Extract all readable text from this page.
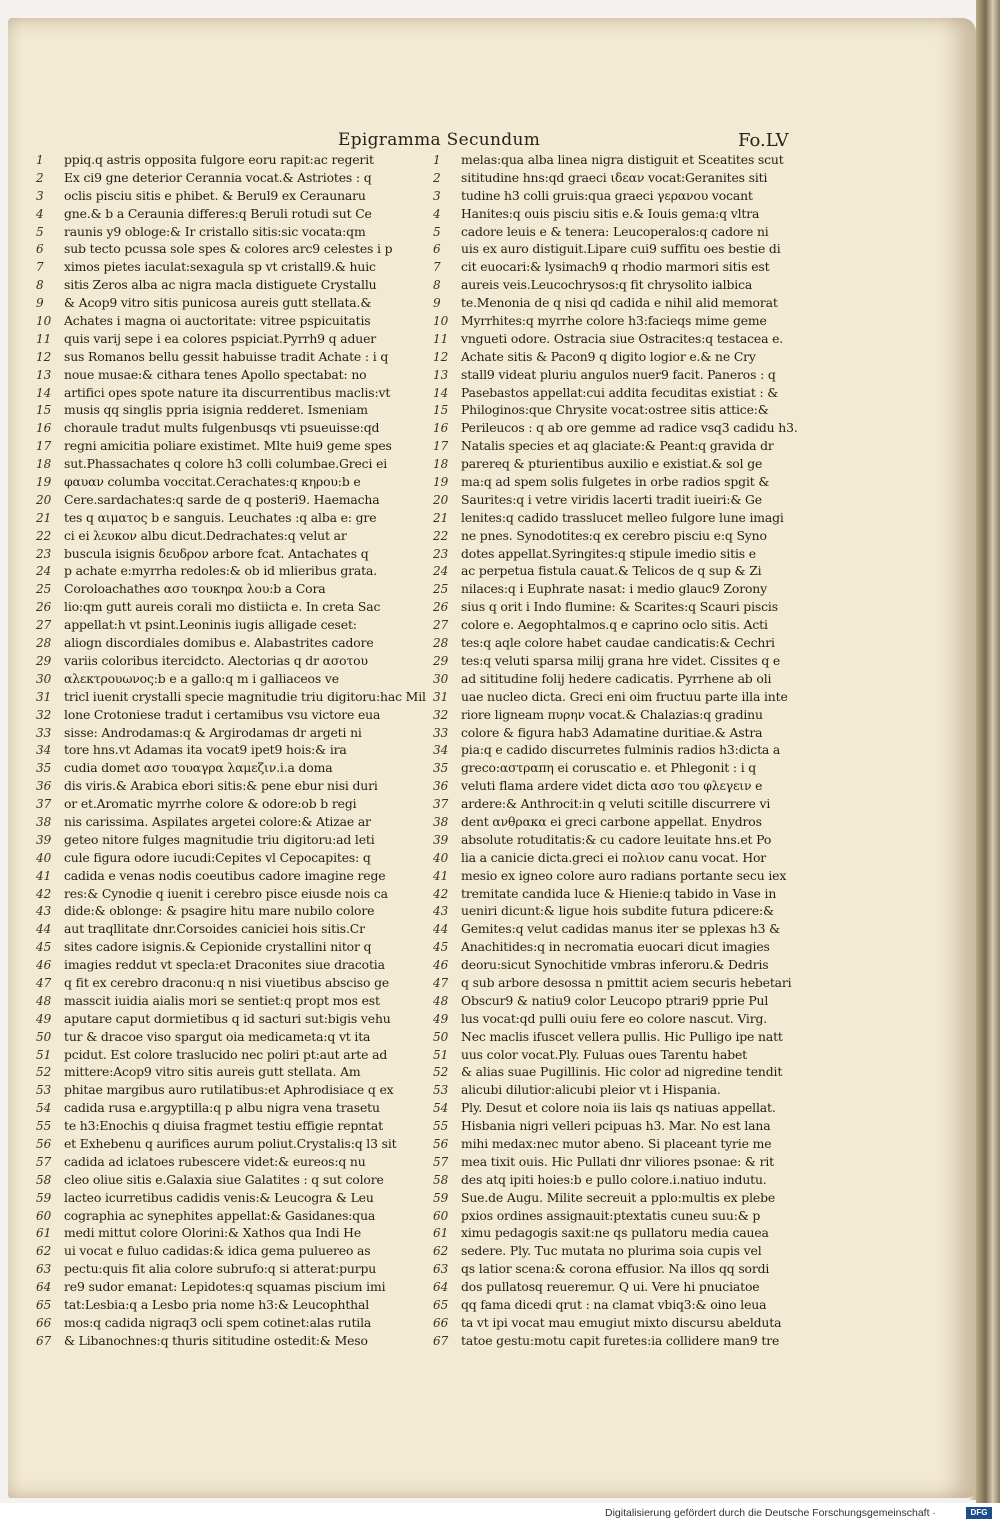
Epigramma Secundum	Fo.LV
1	ppiq.q astris opposita fulgore eoru rapit:ac regerit
2	Ex ci9 gne deterior Cerannia vocat.& Astriotes : q
3	oclis pisciu sitis e phibet. & Berul9 ex Ceraunaru
4	gne.& b a Ceraunia differes:q Beruli rotudi sut Ce
5	raunis y9 obloge:& Ir cristallo sitis:sic vocata:qm
6	sub tecto pcussa sole spes & colores arc9 celestes i p
7	ximos pietes iaculat:sexagula sp vt cristall9.& huic
8	sitis Zeros alba ac nigra macla distiguete Crystallu
9	& Acop9 vitro sitis punicosa aureis gutt stellata.&
10	Achates i magna oi auctoritate: vitree pspicuitatis
11	quis varij sepe i ea colores pspiciat.Pyrrh9 q aduer
12	sus Romanos bellu gessit habuisse tradit Achate : i q
13	noue musae:& cithara tenes Apollo spectabat: no
14	artifici opes spote nature ita discurrentibus maclis:vt
15	musis qq singlis ppria isignia redderet. Ismeniam
16	choraule tradut mults fulgenbusqs vti psueuisse:qd
17	regni amicitia poliare existimet. Mlte hui9 geme spes
18	sut.Phassachates q colore h3 colli columbae.Greci ei
19	φαυαν columba voccitat.Cerachates:q κηρου:b e
20	Cere.sardachates:q sarde de q posteri9. Haemacha
21	tes q αιματος b e sanguis. Leuchates :q alba e: gre
22	ci ei λευκον albu dicut.Dedrachates:q velut ar
23	buscula isignis δευδρον arbore fcat. Antachates q
24	p achate e:myrrha redoles:& ob id mlieribus grata.
25	Coroloachathes ασο τουκηρα λου:b a Cora
26	lio:qm gutt aureis corali mo distiicta e. In creta Sac
27	appellat:h vt psint.Leoninis iugis alligade ceset:
28	aliogn discordiales domibus e. Alabastrites cadore
29	variis coloribus itercidcto. Alectorias q dr ασοτου
30	αλεκτρουωνος:b e a gallo:q m i galliaceos ve
31	tricl iuenit crystalli specie magnitudie triu digitoru:hac Mil
32	lone Crotoniese tradut i certamibus vsu victore eua
33	sisse: Androdamas:q & Argirodamas dr argeti ni
34	tore hns.vt Adamas ita vocat9 ipet9 hois:& ira
35	cudia domet ασο τουαγρα λαμεζιν.i.a doma
36	dis viris.& Arabica ebori sitis:& pene ebur nisi duri
37	or et.Aromatic myrrhe colore & odore:ob b regi
38	nis carissima. Aspilates argetei colore:& Atizae ar
39	geteo nitore fulges magnitudie triu digitoru:ad leti
40	cule figura odore iucudi:Cepites vl Cepocapites: q
41	cadida e venas nodis coeutibus cadore imagine rege
42	res:& Cynodie q iuenit i cerebro pisce eiusde nois ca
43	dide:& oblonge: & psagire hitu mare nubilo colore
44	aut traqllitate dnr.Corsoides caniciei hois sitis.Cr
45	sites cadore isignis.& Cepionide crystallini nitor q
46	imagies reddut vt specla:et Draconites siue dracotia
47	q fit ex cerebro draconu:q n nisi viuetibus absciso ge
48	masscit iuidia aialis mori se sentiet:q propt mos est
49	aputare caput dormietibus q id sacturi sut:bigis vehu
50	tur & dracoe viso spargut oia medicameta:q vt ita
51	pcidut. Est colore traslucido nec poliri pt:aut arte ad
52	mittere:Acop9 vitro sitis aureis gutt stellata. Am
53	phitae margibus auro rutilatibus:et Aphrodisiace q ex
54	cadida rusa e.argyptilla:q p albu nigra vena trasetu
55	te h3:Enochis q diuisa fragmet testiu effigie repntat
56	et Exhebenu q aurifices aurum poliut.Crystalis:q l3 sit
57	cadida ad iclatoes rubescere videt:& eureos:q nu
58	cleo oliue sitis e.Galaxia siue Galatites : q sut colore
59	lacteo icurretibus cadidis venis:& Leucogra & Leu
60	cographia ac synephites appellat:& Gasidanes:qua
61	medi mittut colore Olorini:& Xathos qua Indi He
62	ui vocat e fuluo cadidas:& idica gema puluereo as
63	pectu:quis fit alia colore subrufo:q si atterat:purpu
64	re9 sudor emanat: Lepidotes:q squamas piscium imi
65	tat:Lesbia:q a Lesbo pria nome h3:& Leucophthal
66	mos:q cadida nigraq3 ocli spem cotinet:alas rutila
67	& Libanochnes:q thuris sititudine ostedit:& Meso
1	melas:qua alba linea nigra distiguit et Sceatites scut
2	sititudine hns:qd graeci ιδεαν vocat:Geranites siti
3	tudine h3 colli gruis:qua graeci γερανου vocant
4	Hanites:q ouis pisciu sitis e.& Iouis gema:q vltra
5	cadore leuis e & tenera: Leucoperalos:q cadore ni
6	uis ex auro distiguit.Lipare cui9 suffitu oes bestie di
7	cit euocari:& lysimach9 q rhodio marmori sitis est
8	aureis veis.Leucochrysos:q fit chrysolito ialbica
9	te.Menonia de q nisi qd cadida e nihil alid memorat
10	Myrrhites:q myrrhe colore h3:facieqs mime geme
11	vngueti odore. Ostracia siue Ostracites:q testacea e.
12	Achate sitis & Pacon9 q digito logior e.& ne Cry
13	stall9 videat pluriu angulos nuer9 facit. Paneros : q
14	Pasebastos appellat:cui addita fecuditas existiat : &
15	Philoginos:que Chrysite vocat:ostree sitis attice:&
16	Perileucos : q ab ore gemme ad radice vsq3 cadidu h3.
17	Natalis species et aq glaciate:& Peant:q gravida dr
18	parereq & pturientibus auxilio e existiat.& sol ge
19	ma:q ad spem solis fulgetes in orbe radios spgit &
20	Saurites:q i vetre viridis lacerti tradit iueiri:& Ge
21	lenites:q cadido trasslucet melleo fulgore lune imagi
22	ne pnes. Synodotites:q ex cerebro pisciu e:q Syno
23	dotes appellat.Syringites:q stipule imedio sitis e
24	ac perpetua fistula cauat.& Telicos de q sup & Zi
25	nilaces:q i Euphrate nasat: i medio glauc9 Zorony
26	sius q orit i Indo flumine: & Scarites:q Scauri piscis
27	colore e. Aegophtalmos.q e caprino oclo sitis. Acti
28	tes:q aqle colore habet caudae candicatis:& Cechri
29	tes:q veluti sparsa milij grana hre videt. Cissites q e
30	ad sititudine folij hedere cadicatis. Pyrrhene ab oli
31	uae nucleo dicta. Greci eni oim fructuu parte illa inte
32	riore ligneam πυρην vocat.& Chalazias:q gradinu
33	colore & figura hab3 Adamatine duritiae.& Astra
34	pia:q e cadido discurretes fulminis radios h3:dicta a
35	greco:αστραπη ei coruscatio e. et Phlegonit : i q
36	veluti flama ardere videt dicta ασο του φλεγειν e
37	ardere:& Anthrocit:in q veluti scitille discurrere vi
38	dent ανθρακα ei greci carbone appellat. Enydros
39	absolute rotuditatis:& cu cadore leuitate hns.et Po
40	lia a canicie dicta.greci ei πολιον canu vocat. Hor
41	mesio ex igneo colore auro radians portante secu iex
42	tremitate candida luce & Hienie:q tabido in Vase in
43	ueniri dicunt:& ligue hois subdite futura pdicere:&
44	Gemites:q velut cadidas manus iter se pplexas h3 &
45	Anachitides:q in necromatia euocari dicut imagies
46	deoru:sicut Synochitide vmbras inferoru.& Dedris
47	q sub arbore desossa n pmittit aciem securis hebetari
48	Obscur9 & natiu9 color Leucopo ptrari9 pprie Pul
49	lus vocat:qd pulli ouiu fere eo colore nascut. Virg.
50	Nec maclis ifuscet vellera pullis. Hic Pulligo ipe natt
51	uus color vocat.Ply. Fuluas oues Tarentu habet
52	& alias suae Pugillinis. Hic color ad nigredine tendit
53	alicubi dilutior:alicubi pleior vt i Hispania.
54	Ply. Desut et colore noia iis lais qs natiuas appellat.
55	Hisbania nigri velleri pcipuas h3. Mar. No est lana
56	mihi medax:nec mutor abeno. Si placeant tyrie me
57	mea tixit ouis. Hic Pullati dnr viliores psonae: & rit
58	des atq ipiti hoies:b e pullo colore.i.natiuo indutu.
59	Sue.de Augu. Milite secreuit a pplo:multis ex plebe
60	pxios ordines assignauit:ptextatis cuneu suu:& p
61	ximu pedagogis saxit:ne qs pullatoru media cauea
62	sedere. Ply. Tuc mutata no plurima soia cupis vel
63	qs latior scena:& corona effusior. Na illos qq sordi
64	dos pullatosq reueremur. Q ui. Vere hi pnuciatoe
65	qq fama dicedi qrut : na clamat vbiq3:& oino leua
66	ta vt ipi vocat mau emugiut mixto discursu abelduta
67	tatoe gestu:motu capit furetes:ia collidere man9 tre
Digitalisierung gefördert durch die Deutsche Forschungsgemeinschaft ·	DFG
